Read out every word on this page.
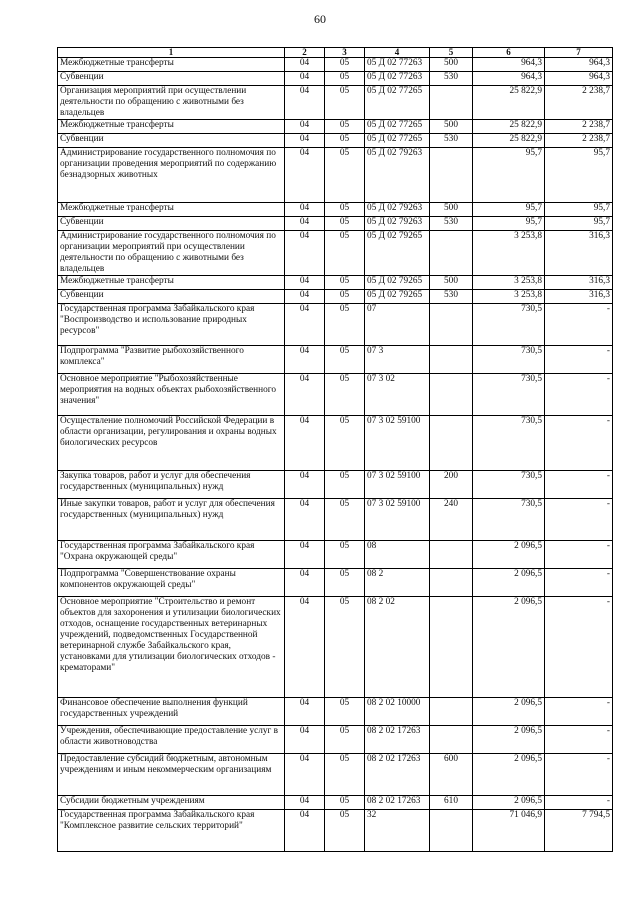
60
1	2	3	4	5	6	7
Межбюджетные трансферты	04	05	05 Д 02 77263	500	964,3	964,3
Субвенции	04	05	05 Д 02 77263	530	964,3	964,3
Организация мероприятий при осуществлении деятельности по обращению с животными без владельцев	04	05	05 Д 02 77265		25 822,9	2 238,7
Межбюджетные трансферты	04	05	05 Д 02 77265	500	25 822,9	2 238,7
Субвенции	04	05	05 Д 02 77265	530	25 822,9	2 238,7
Администрирование государственного полномочия по организации проведения мероприятий по содержанию безнадзорных животных	04	05	05 Д 02 79263		95,7	95,7
Межбюджетные трансферты	04	05	05 Д 02 79263	500	95,7	95,7
Субвенции	04	05	05 Д 02 79263	530	95,7	95,7
Администрирование государственного полномочия по организации мероприятий при осуществлении деятельности по обращению с животными без владельцев	04	05	05 Д 02 79265		3 253,8	316,3
Межбюджетные трансферты	04	05	05 Д 02 79265	500	3 253,8	316,3
Субвенции	04	05	05 Д 02 79265	530	3 253,8	316,3
Государственная программа Забайкальского края "Воспроизводство и использование природных ресурсов"	04	05	07		730,5	-
Подпрограмма "Развитие рыбохозяйственного комплекса"	04	05	07 3		730,5	-
Основное мероприятие "Рыбохозяйственные мероприятия на водных объектах рыбохозяйственного значения"	04	05	07 3 02		730,5	-
Осуществление полномочий Российской Федерации в области организации, регулирования и охраны водных биологических ресурсов	04	05	07 3 02 59100		730,5	-
Закупка товаров, работ и услуг для обеспечения государственных (муниципальных) нужд	04	05	07 3 02 59100	200	730,5	-
Иные закупки товаров, работ и услуг для обеспечения государственных (муниципальных) нужд	04	05	07 3 02 59100	240	730,5	-
Государственная программа Забайкальского края "Охрана окружающей среды"	04	05	08		2 096,5	-
Подпрограмма "Совершенствование охраны компонентов окружающей среды"	04	05	08 2		2 096,5	-
Основное мероприятие "Строительство и ремонт объектов для захоронения и утилизации биологических отходов, оснащение государственных ветеринарных учреждений, подведомственных Государственной ветеринарной службе Забайкальского края, установками для утилизации биологических отходов - крематорами"	04	05	08 2 02		2 096,5	-
Финансовое обеспечение выполнения функций государственных учреждений	04	05	08 2 02 10000		2 096,5	-
Учреждения, обеспечивающие предоставление услуг в области животноводства	04	05	08 2 02 17263		2 096,5	-
Предоставление субсидий бюджетным, автономным учреждениям и иным некоммерческим организациям	04	05	08 2 02 17263	600	2 096,5	-
Субсидии бюджетным учреждениям	04	05	08 2 02 17263	610	2 096,5	-
Государственная программа Забайкальского края "Комплексное развитие сельских территорий"	04	05	32		71 046,9	7 794,5
